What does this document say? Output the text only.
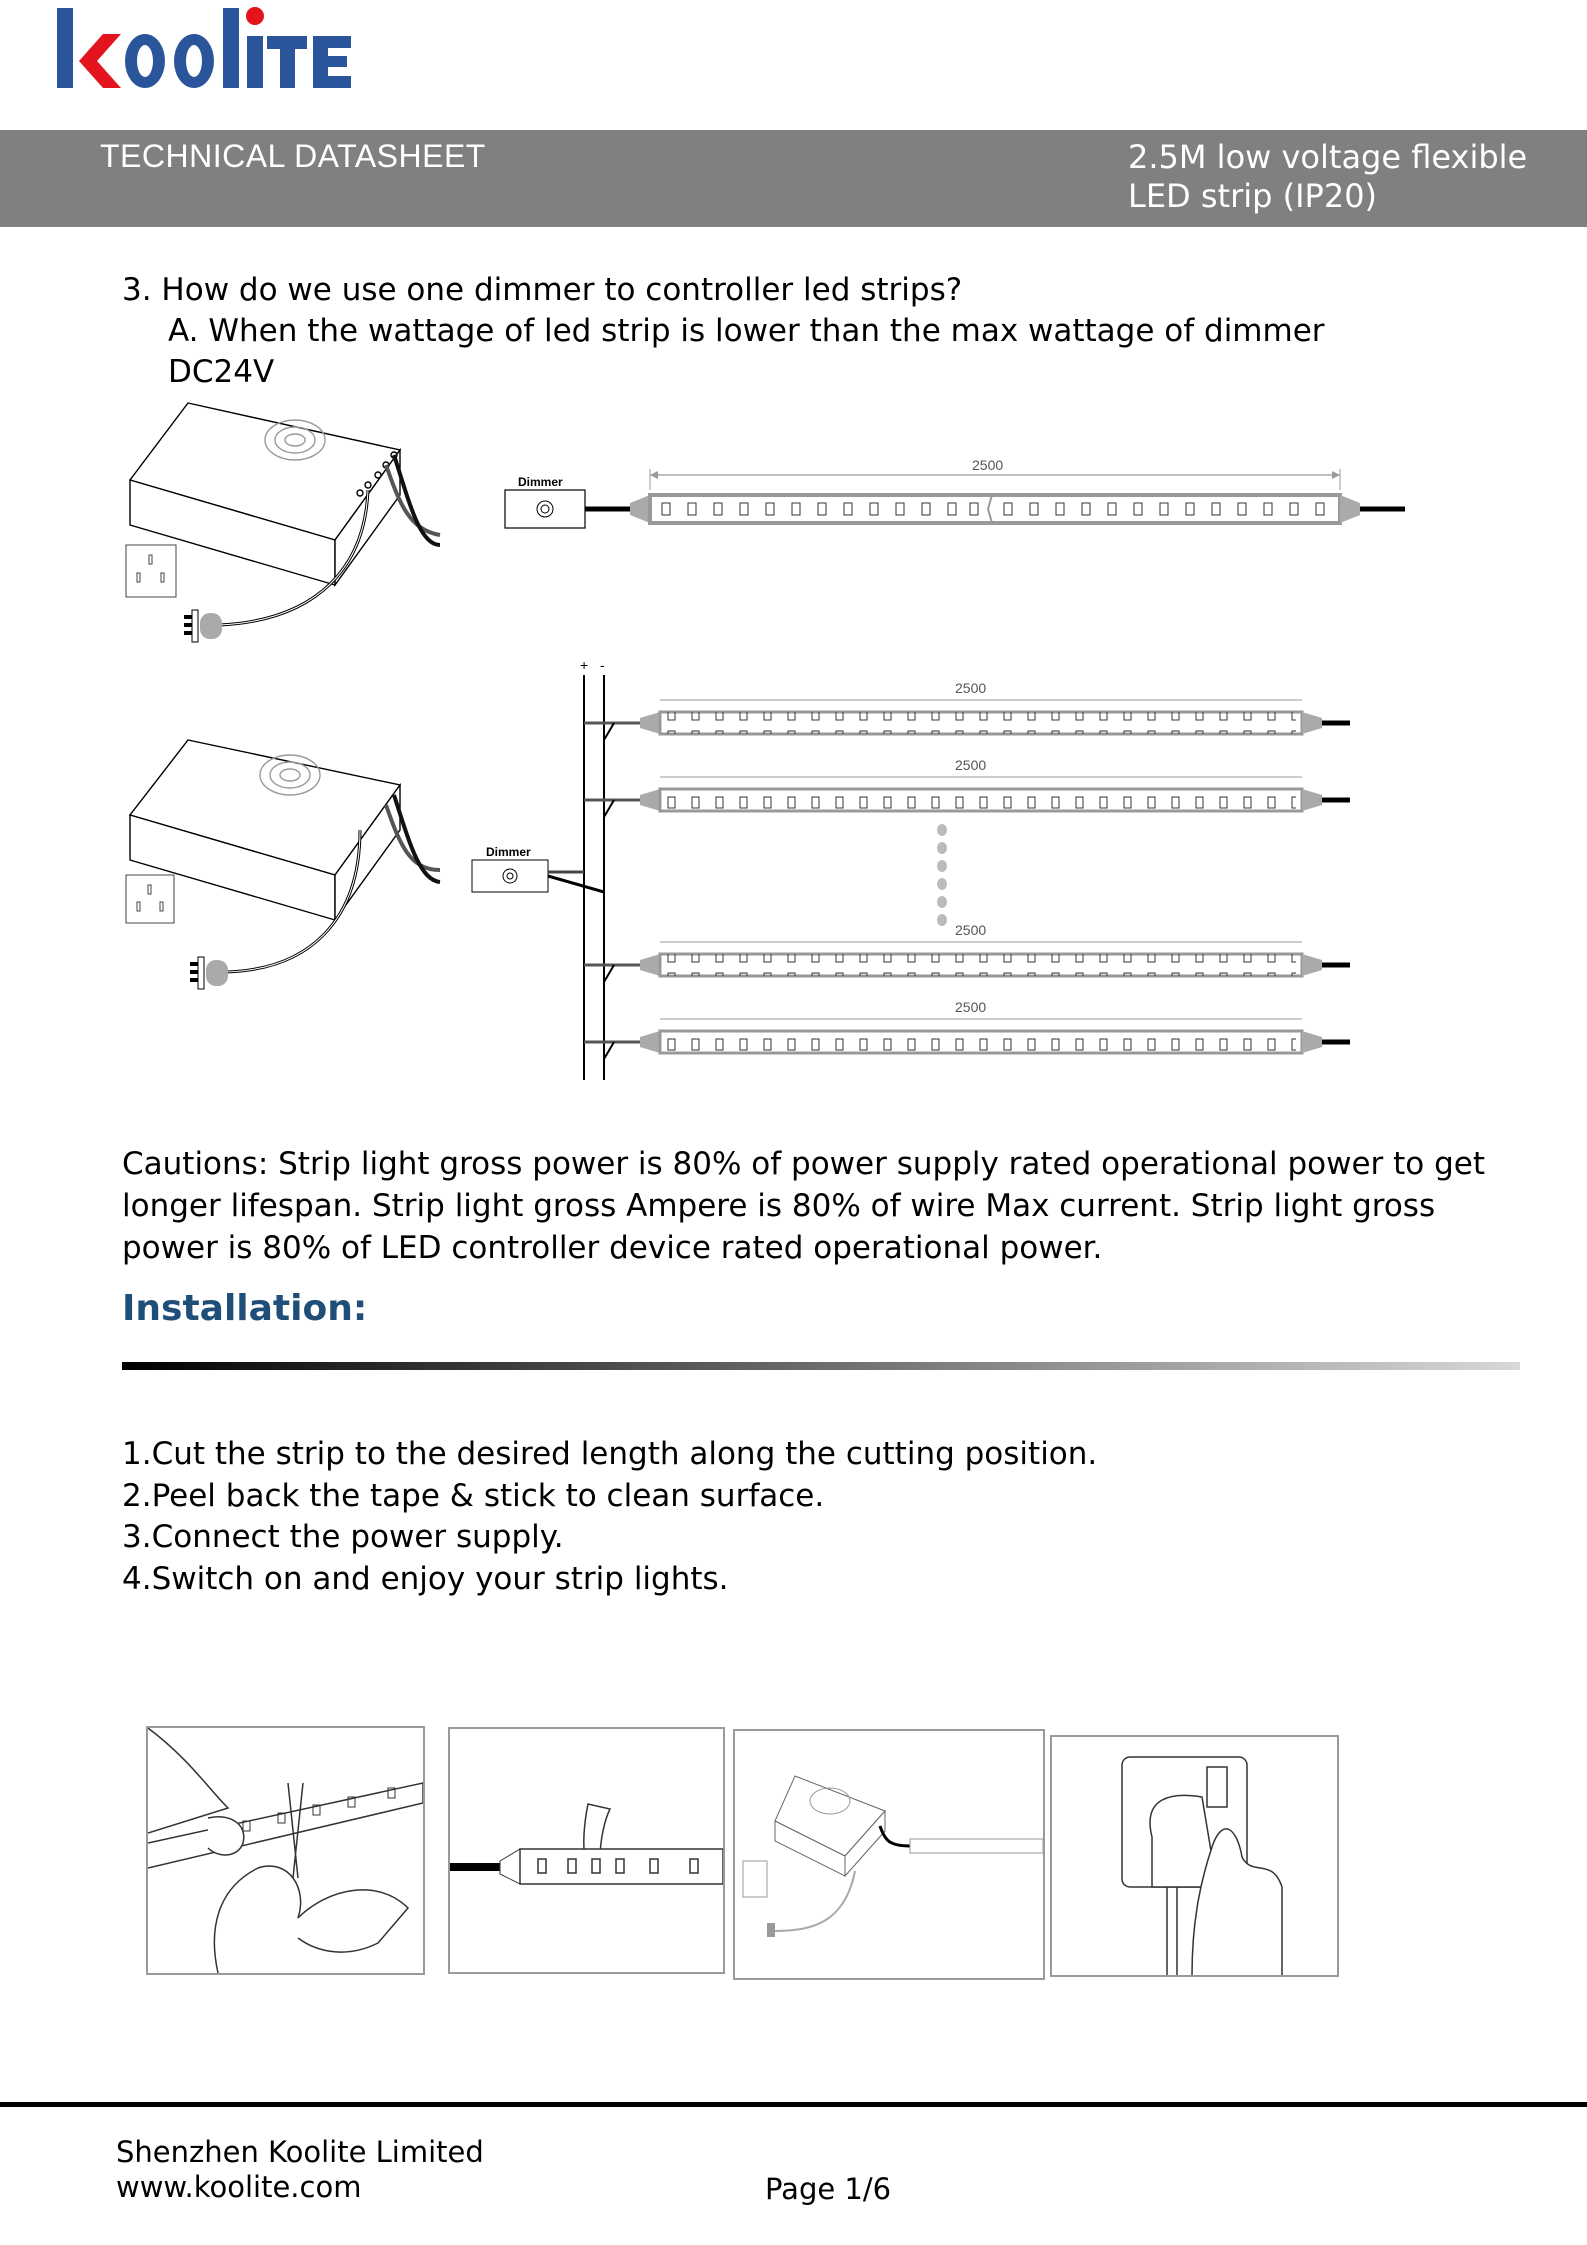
TECHNICAL DATASHEET	2.5M low voltage flexible
LED strip (IP20)
3. How do we use one dimmer to controller led strips?
A. When the wattage of led strip is lower than the max wattage of dimmer
DC24V
Dimmer
2500
+ -
Dimmer
2500
2500
2500
2500
Cautions: Strip light gross power is 80% of power supply rated operational power to get longer lifespan. Strip light gross Ampere is 80% of wire Max current. Strip light gross power is 80% of LED controller device rated operational power.
Installation:
1.Cut the strip to the desired length along the cutting position.
2.Peel back the tape & stick to clean surface.
3.Connect the power supply.
4.Switch on and enjoy your strip lights.
Shenzhen Koolite Limited
www.koolite.com	Page 1/6
